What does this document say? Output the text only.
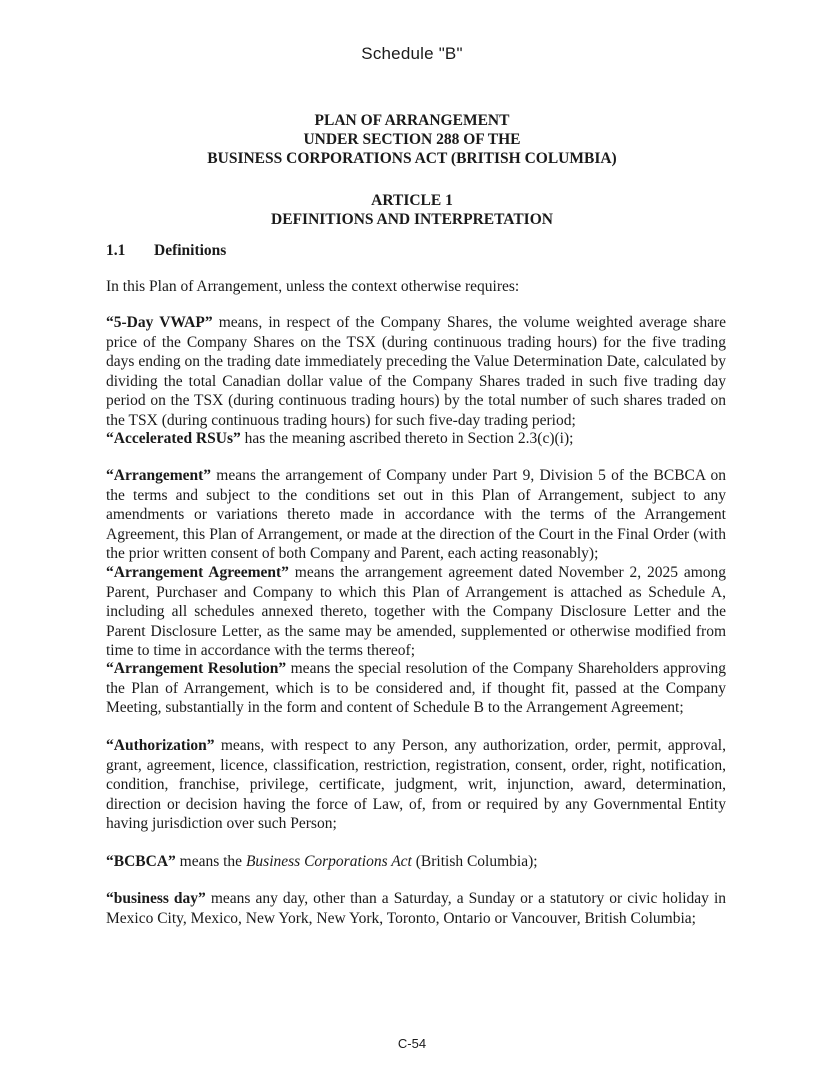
Schedule "B"
PLAN OF ARRANGEMENT
UNDER SECTION 288 OF THE
BUSINESS CORPORATIONS ACT (BRITISH COLUMBIA)
ARTICLE 1
DEFINITIONS AND INTERPRETATION
1.1 Definitions

In this Plan of Arrangement, unless the context otherwise requires:

“5-Day VWAP” means, in respect of the Company Shares, the volume weighted average share price of the Company Shares on the TSX (during continuous trading hours) for the five trading days ending on the trading date immediately preceding the Value Determination Date, calculated by dividing the total Canadian dollar value of the Company Shares traded in such five trading day period on the TSX (during continuous trading hours) by the total number of such shares traded on the TSX (during continuous trading hours) for such five-day trading period;

“Accelerated RSUs” has the meaning ascribed thereto in Section 2.3(c)(i);

“Arrangement” means the arrangement of Company under Part 9, Division 5 of the BCBCA on the terms and subject to the conditions set out in this Plan of Arrangement, subject to any amendments or variations thereto made in accordance with the terms of the Arrangement Agreement, this Plan of Arrangement, or made at the direction of the Court in the Final Order (with the prior written consent of both Company and Parent, each acting reasonably);

“Arrangement Agreement” means the arrangement agreement dated November 2, 2025 among Parent, Purchaser and Company to which this Plan of Arrangement is attached as Schedule A, including all schedules annexed thereto, together with the Company Disclosure Letter and the Parent Disclosure Letter, as the same may be amended, supplemented or otherwise modified from time to time in accordance with the terms thereof;

“Arrangement Resolution” means the special resolution of the Company Shareholders approving the Plan of Arrangement, which is to be considered and, if thought fit, passed at the Company Meeting, substantially in the form and content of Schedule B to the Arrangement Agreement;

“Authorization” means, with respect to any Person, any authorization, order, permit, approval, grant, agreement, licence, classification, restriction, registration, consent, order, right, notification, condition, franchise, privilege, certificate, judgment, writ, injunction, award, determination, direction or decision having the force of Law, of, from or required by any Governmental Entity having jurisdiction over such Person;

“BCBCA” means the Business Corporations Act (British Columbia);

“business day” means any day, other than a Saturday, a Sunday or a statutory or civic holiday in Mexico City, Mexico, New York, New York, Toronto, Ontario or Vancouver, British Columbia;

C-54
